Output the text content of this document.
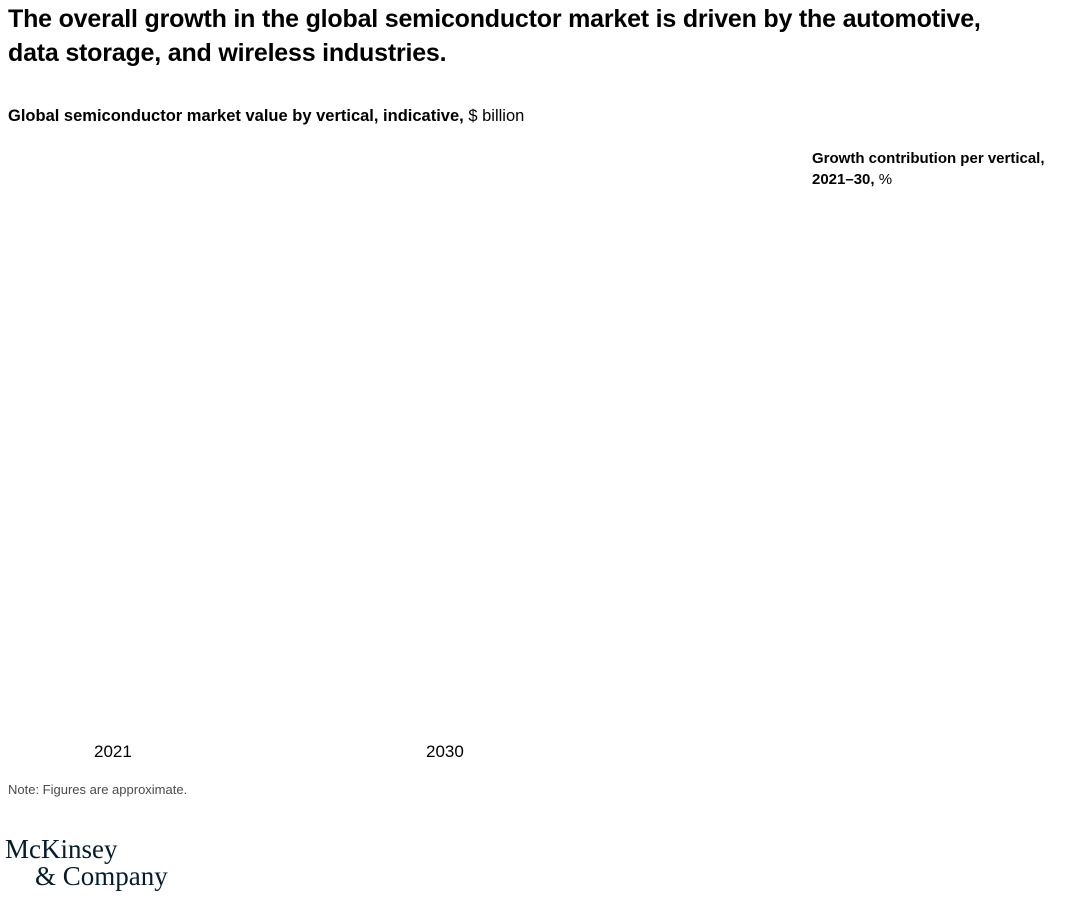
The overall growth in the global semiconductor market is driven by the automotive, data storage, and wireless industries.
Global semiconductor market value by vertical, indicative, $ billion
Growth contribution per vertical, 2021–30, %
2021	2030
Note: Figures are approximate.
McKinsey
& Company
